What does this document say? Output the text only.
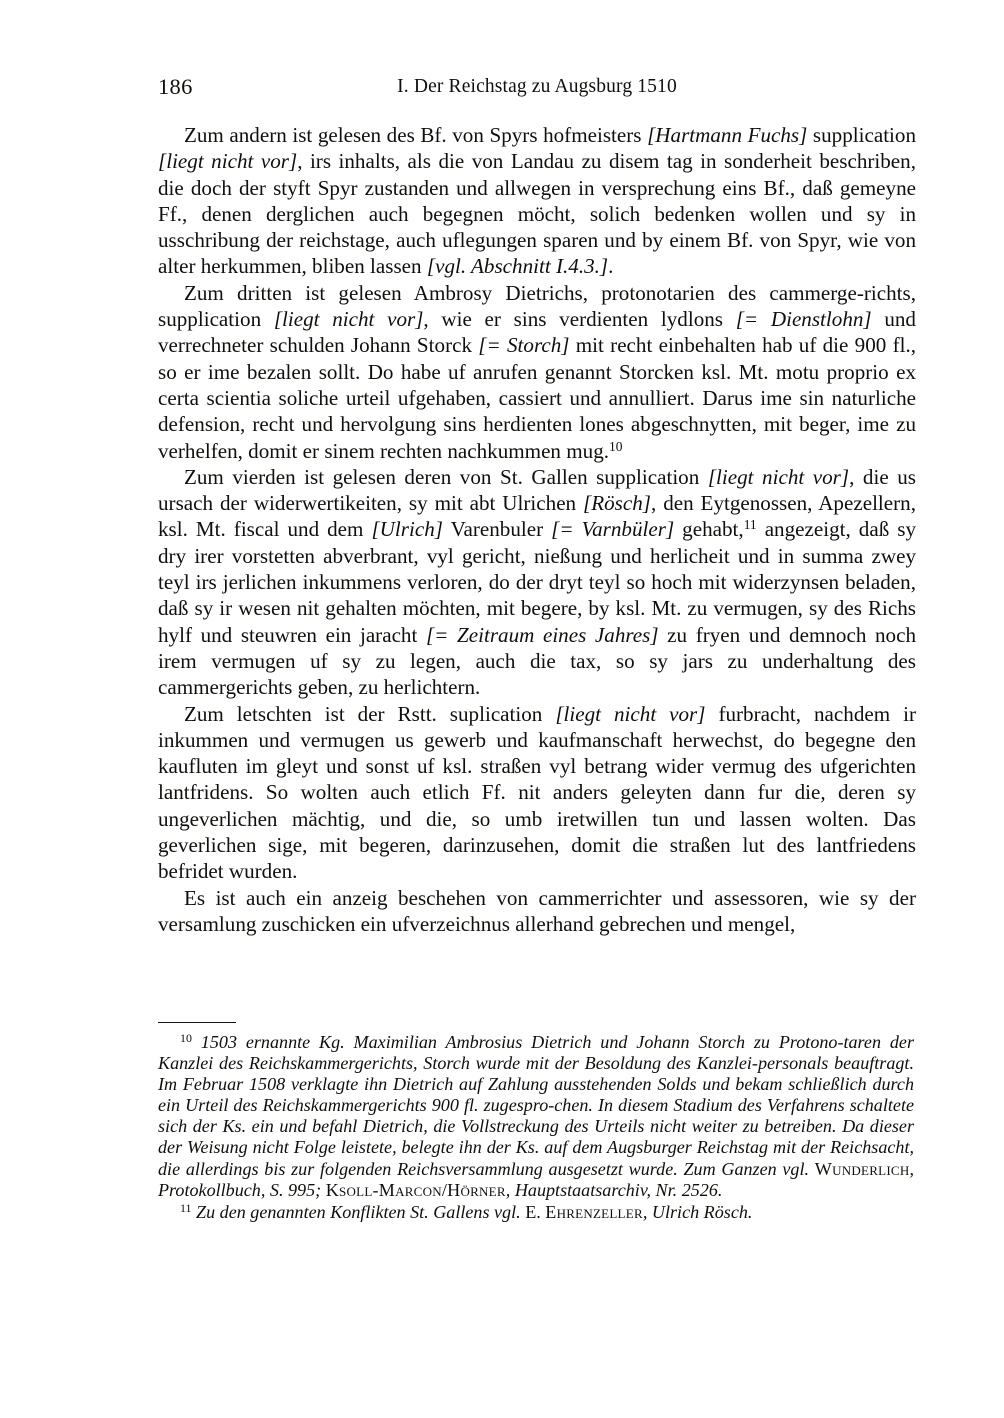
186	I. Der Reichstag zu Augsburg 1510

Zum andern ist gelesen des Bf. von Spyrs hofmeisters [Hartmann Fuchs] supplication [liegt nicht vor], irs inhalts, als die von Landau zu disem tag in sonderheit beschriben, die doch der styft Spyr zustanden und allwegen in versprechung eins Bf., daß gemeyne Ff., denen derglichen auch begegnen möcht, solich bedenken wollen und sy in usschribung der reichstage, auch uflegungen sparen und by einem Bf. von Spyr, wie von alter herkummen, bliben lassen [vgl. Abschnitt I.4.3.].

Zum dritten ist gelesen Ambrosy Dietrichs, protonotarien des cammerge‑richts, supplication [liegt nicht vor], wie er sins verdienten lydlons [= Dienstlohn] und verrechneter schulden Johann Storck [= Storch] mit recht einbehalten hab uf die 900 fl., so er ime bezalen sollt. Do habe uf anrufen genannt Storcken ksl. Mt. motu proprio ex certa scientia soliche urteil ufgehaben, cassiert und annulliert. Darus ime sin naturliche defension, recht und hervolgung sins herdienten lones abgeschnytten, mit beger, ime zu verhelfen, domit er sinem rechten nachkummen mug.$^{10}$

Zum vierden ist gelesen deren von St. Gallen supplication [liegt nicht vor], die us ursach der widerwertikeiten, sy mit abt Ulrichen [Rösch], den Eytgenossen, Apezellern, ksl. Mt. fiscal und dem [Ulrich] Varenbuler [= Varnbüler] gehabt,$^{11}$ angezeigt, daß sy dry irer vorstetten abverbrant, vyl gericht, nießung und herlicheit und in summa zwey teyl irs jerlichen inkummens verloren, do der dryt teyl so hoch mit widerzynsen beladen, daß sy ir wesen nit gehalten möchten, mit begere, by ksl. Mt. zu vermugen, sy des Richs hylf und steuwren ein jaracht [= Zeitraum eines Jahres] zu fryen und demnoch noch irem vermugen uf sy zu legen, auch die tax, so sy jars zu underhaltung des cammergerichts geben, zu herlichtern.

Zum letschten ist der Rstt. suplication [liegt nicht vor] furbracht, nachdem ir inkummen und vermugen us gewerb und kaufmanschaft herwechst, do begegne den kaufluten im gleyt und sonst uf ksl. straßen vyl betrang wider vermug des ufgerichten lantfridens. So wolten auch etlich Ff. nit anders geleyten dann fur die, deren sy ungeverlichen mächtig, und die, so umb iretwillen tun und lassen wolten. Das geverlichen sige, mit begeren, darinzusehen, domit die straßen lut des lantfriedens befridet wurden.

Es ist auch ein anzeig beschehen von cammerrichter und assessoren, wie sy der versamlung zuschicken ein ufverzeichnus allerhand gebrechen und mengel,

$^{10}$ 1503 ernannte Kg. Maximilian Ambrosius Dietrich und Johann Storch zu Protono‑taren der Kanzlei des Reichskammergerichts, Storch wurde mit der Besoldung des Kanzlei‑personals beauftragt. Im Februar 1508 verklagte ihn Dietrich auf Zahlung ausstehenden Solds und bekam schließlich durch ein Urteil des Reichskammergerichts 900 fl. zugespro‑chen. In diesem Stadium des Verfahrens schaltete sich der Ks. ein und befahl Dietrich, die Vollstreckung des Urteils nicht weiter zu betreiben. Da dieser der Weisung nicht Folge leistete, belegte ihn der Ks. auf dem Augsburger Reichstag mit der Reichsacht, die allerdings bis zur folgenden Reichsversammlung ausgesetzt wurde. Zum Ganzen vgl. Wunderlich, Protokollbuch, S. 995; Ksoll-Marcon/Hörner, Hauptstaatsarchiv, Nr. 2526.

$^{11}$ Zu den genannten Konflikten St. Gallens vgl. E. Ehrenzeller, Ulrich Rösch.
